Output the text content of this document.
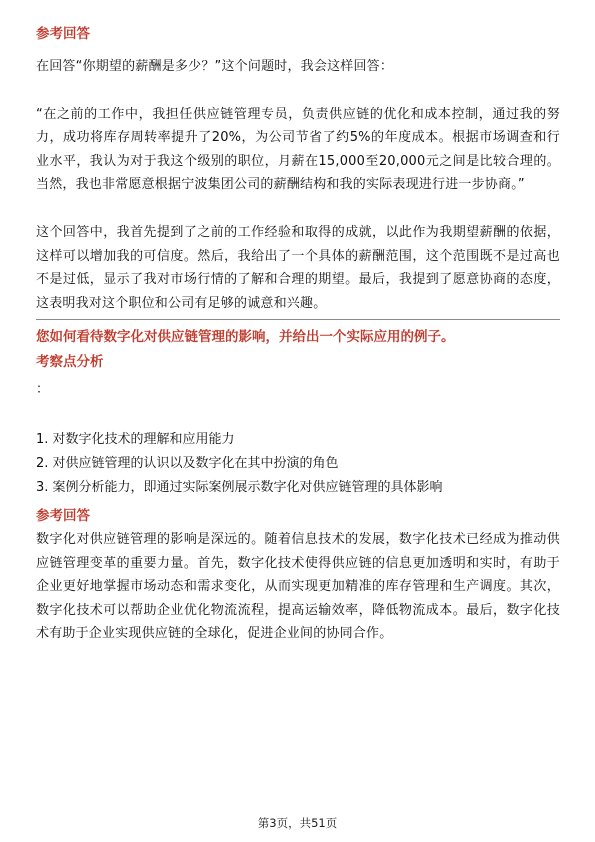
参考回答

在回答“你期望的薪酬是多少？”这个问题时，我会这样回答：

“在之前的工作中，我担任供应链管理专员，负责供应链的优化和成本控制，通过我的努力，成功将库存周转率提升了20%，为公司节省了约5%的年度成本。根据市场调查和行业水平，我认为对于我这个级别的职位，月薪在15,000至20,000元之间是比较合理的。当然，我也非常愿意根据宁波集团公司的薪酬结构和我的实际表现进行进一步协商。”

这个回答中，我首先提到了之前的工作经验和取得的成就，以此作为我期望薪酬的依据，这样可以增加我的可信度。然后，我给出了一个具体的薪酬范围，这个范围既不是过高也不是过低，显示了我对市场行情的了解和合理的期望。最后，我提到了愿意协商的态度，这表明我对这个职位和公司有足够的诚意和兴趣。

您如何看待数字化对供应链管理的影响，并给出一个实际应用的例子。

考察点分析

：

1. 对数字化技术的理解和应用能力

2. 对供应链管理的认识以及数字化在其中扮演的角色

3. 案例分析能力，即通过实际案例展示数字化对供应链管理的具体影响

参考回答

数字化对供应链管理的影响是深远的。随着信息技术的发展，数字化技术已经成为推动供应链管理变革的重要力量。首先，数字化技术使得供应链的信息更加透明和实时，有助于企业更好地掌握市场动态和需求变化，从而实现更加精准的库存管理和生产调度。其次，数字化技术可以帮助企业优化物流流程，提高运输效率，降低物流成本。最后，数字化技术有助于企业实现供应链的全球化，促进企业间的协同合作。

第3页，共51页
